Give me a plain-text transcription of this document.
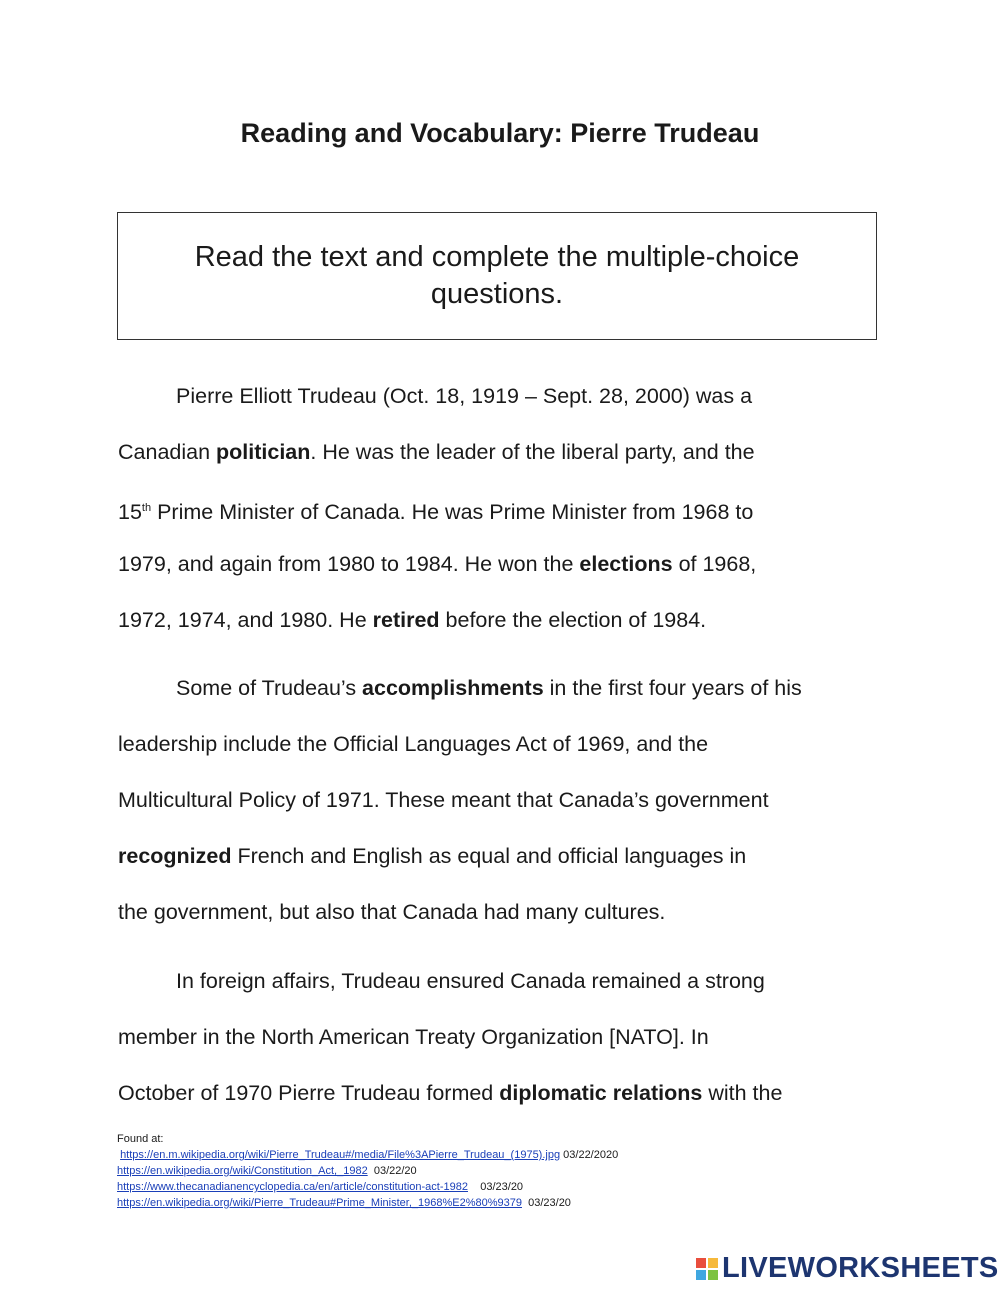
Reading and Vocabulary: Pierre Trudeau
Read the text and complete the multiple-choice questions.
Pierre Elliott Trudeau (Oct. 18, 1919 – Sept. 28, 2000) was a
Canadian politician. He was the leader of the liberal party, and the
15th Prime Minister of Canada. He was Prime Minister from 1968 to
1979, and again from 1980 to 1984. He won the elections of 1968,
1972, 1974, and 1980. He retired before the election of 1984.
Some of Trudeau’s accomplishments in the first four years of his
leadership include the Official Languages Act of 1969, and the
Multicultural Policy of 1971. These meant that Canada’s government
recognized French and English as equal and official languages in
the government, but also that Canada had many cultures.
In foreign affairs, Trudeau ensured Canada remained a strong
member in the North American Treaty Organization [NATO]. In
October of 1970 Pierre Trudeau formed diplomatic relations with the
Found at:
https://en.m.wikipedia.org/wiki/Pierre_Trudeau#/media/File%3APierre_Trudeau_(1975).jpg 03/22/2020
https://en.wikipedia.org/wiki/Constitution_Act,_1982 03/22/20
https://www.thecanadianencyclopedia.ca/en/article/constitution-act-1982 03/23/20
https://en.wikipedia.org/wiki/Pierre_Trudeau#Prime_Minister,_1968%E2%80%9379 03/23/20
LIVEWORKSHEETS
